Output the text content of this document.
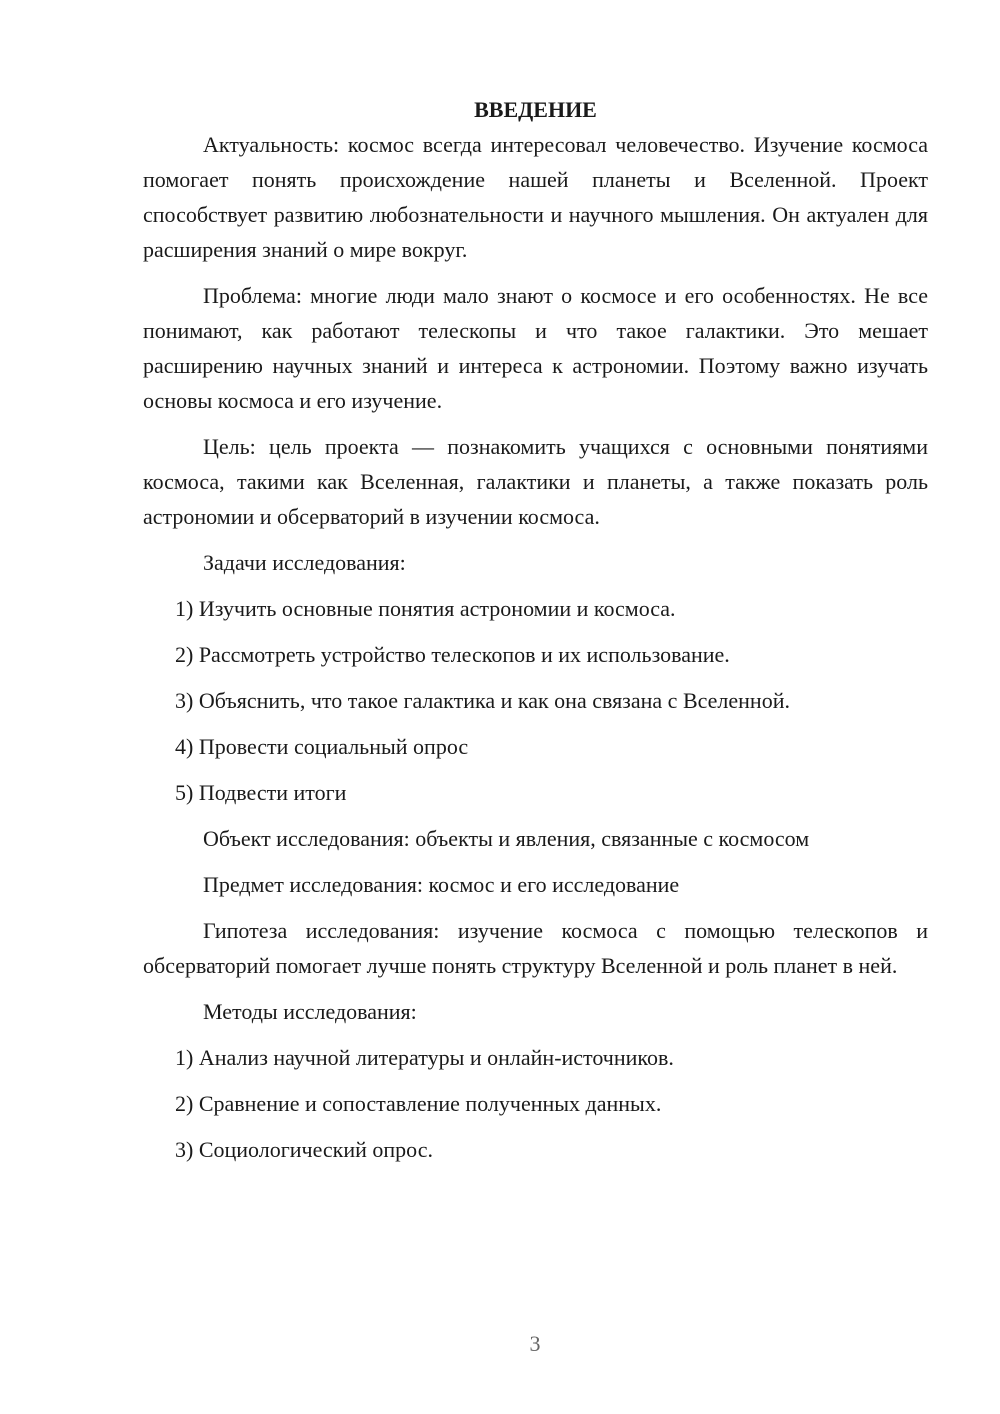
ВВЕДЕНИЕ

Актуальность: космос всегда интересовал человечество. Изучение космоса помогает понять происхождение нашей планеты и Вселенной. Проект способствует развитию любознательности и научного мышления. Он актуален для расширения знаний о мире вокруг.

Проблема: многие люди мало знают о космосе и его особенностях. Не все понимают, как работают телескопы и что такое галактики. Это мешает расширению научных знаний и интереса к астрономии. Поэтому важно изучать основы космоса и его изучение.

Цель: цель проекта — познакомить учащихся с основными понятиями космоса, такими как Вселенная, галактики и планеты, а также показать роль астрономии и обсерваторий в изучении космоса.

Задачи исследования:

1) Изучить основные понятия астрономии и космоса.

2) Рассмотреть устройство телескопов и их использование.

3) Объяснить, что такое галактика и как она связана с Вселенной.

4) Провести социальный опрос

5) Подвести итоги

Объект исследования: объекты и явления, связанные с космосом

Предмет исследования: космос и его исследование

Гипотеза исследования: изучение космоса с помощью телескопов и обсерваторий помогает лучше понять структуру Вселенной и роль планет в ней.

Методы исследования:

1) Анализ научной литературы и онлайн-источников.

2) Сравнение и сопоставление полученных данных.

3) Социологический опрос.

3
